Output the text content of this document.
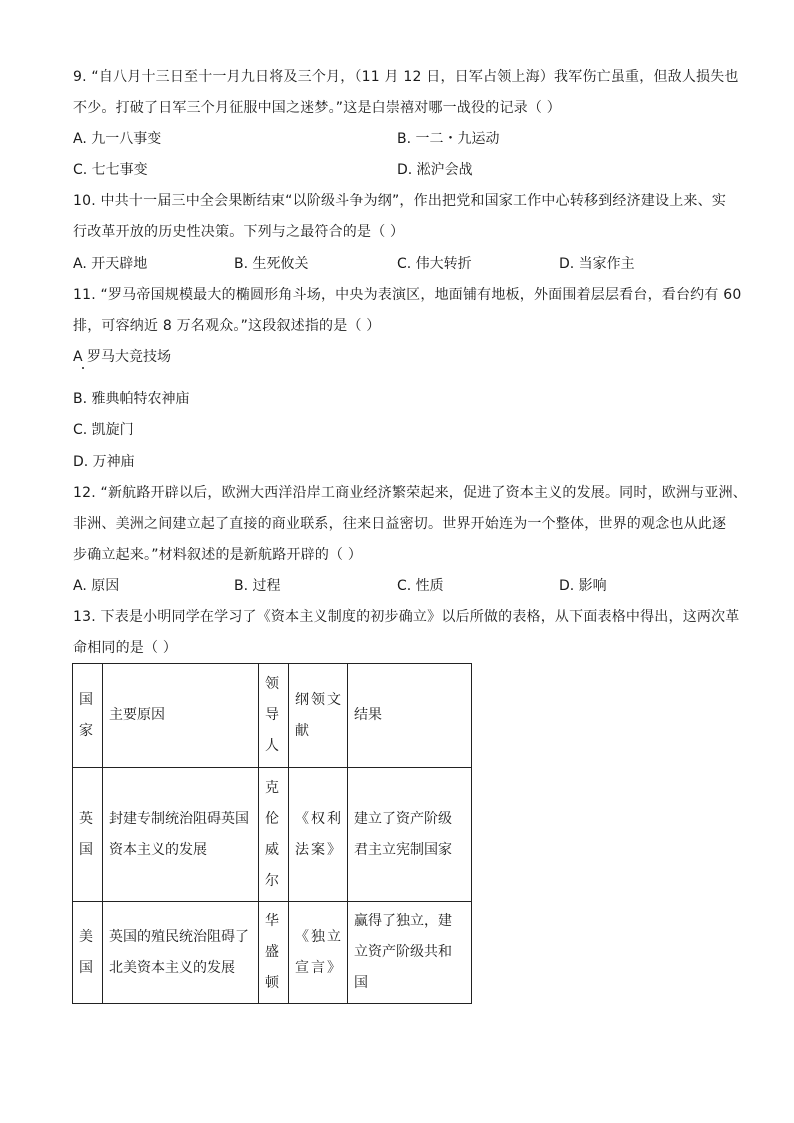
9. “自八月十三日至十一月九日将及三个月，（11 月 12 日，日军占领上海）我军伤亡虽重，但敌人损失也
不少。打破了日军三个月征服中国之迷梦。”这是白崇禧对哪一战役的记录（ ）
A. 九一八事变	B. 一二・九运动
C. 七七事变	D. 淞沪会战
10. 中共十一届三中全会果断结束“以阶级斗争为纲”，作出把党和国家工作中心转移到经济建设上来、实
行改革开放的历史性决策。下列与之最符合的是（ ）
A. 开天辟地	B. 生死攸关	C. 伟大转折	D. 当家作主
11. “罗马帝国规模最大的椭圆形角斗场，中央为表演区，地面铺有地板，外面围着层层看台，看台约有 60
排，可容纳近 8 万名观众。”这段叙述指的是（ ）
A 罗马大竞技场
B. 雅典帕特农神庙
C. 凯旋门
D. 万神庙
12. “新航路开辟以后，欧洲大西洋沿岸工商业经济繁荣起来，促进了资本主义的发展。同时，欧洲与亚洲、
非洲、美洲之间建立起了直接的商业联系，往来日益密切。世界开始连为一个整体，世界的观念也从此逐
步确立起来。”材料叙述的是新航路开辟的（ ）
A. 原因	B. 过程	C. 性质	D. 影响
13. 下表是小明同学在学习了《资本主义制度的初步确立》以后所做的表格，从下面表格中得出，这两次革
命相同的是（ ）
国家	主要原因	领导人	纲领文献	结果
英国	封建专制统治阻碍英国资本主义的发展	克伦威尔	《权利法案》	建立了资产阶级君主立宪制国家
美国	英国的殖民统治阻碍了北美资本主义的发展	华盛顿	《独立宣言》	赢得了独立，建立资产阶级共和国
